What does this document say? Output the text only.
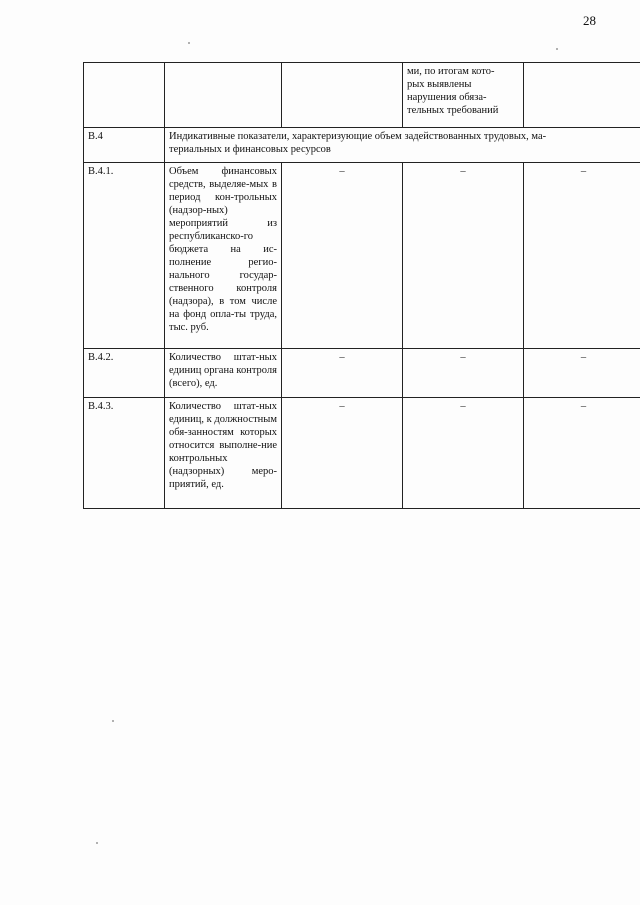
28
			ми, по итогам кото-
рых выявлены
нарушения обяза-
тельных требований	
B.4	Индикативные показатели, характеризующие объем задействованных трудовых, ма-
териальных и финансовых ресурсов			
B.4.1.	Объем финансовых средств, выделяе-мых в период кон-трольных (надзор-ных) мероприятий из республиканско-го бюджета на ис-полнение регио-нального государ-ственного контроля (надзора), в том числе на фонд опла-ты труда, тыс. руб.	–	–	–
B.4.2.	Количество штат-ных единиц органа контроля (всего), ед.	–	–	–
B.4.3.	Количество штат-ных единиц, к должностным обя-занностям которых относится выполне-ние контрольных (надзорных) меро-приятий, ед.	–	–	–
